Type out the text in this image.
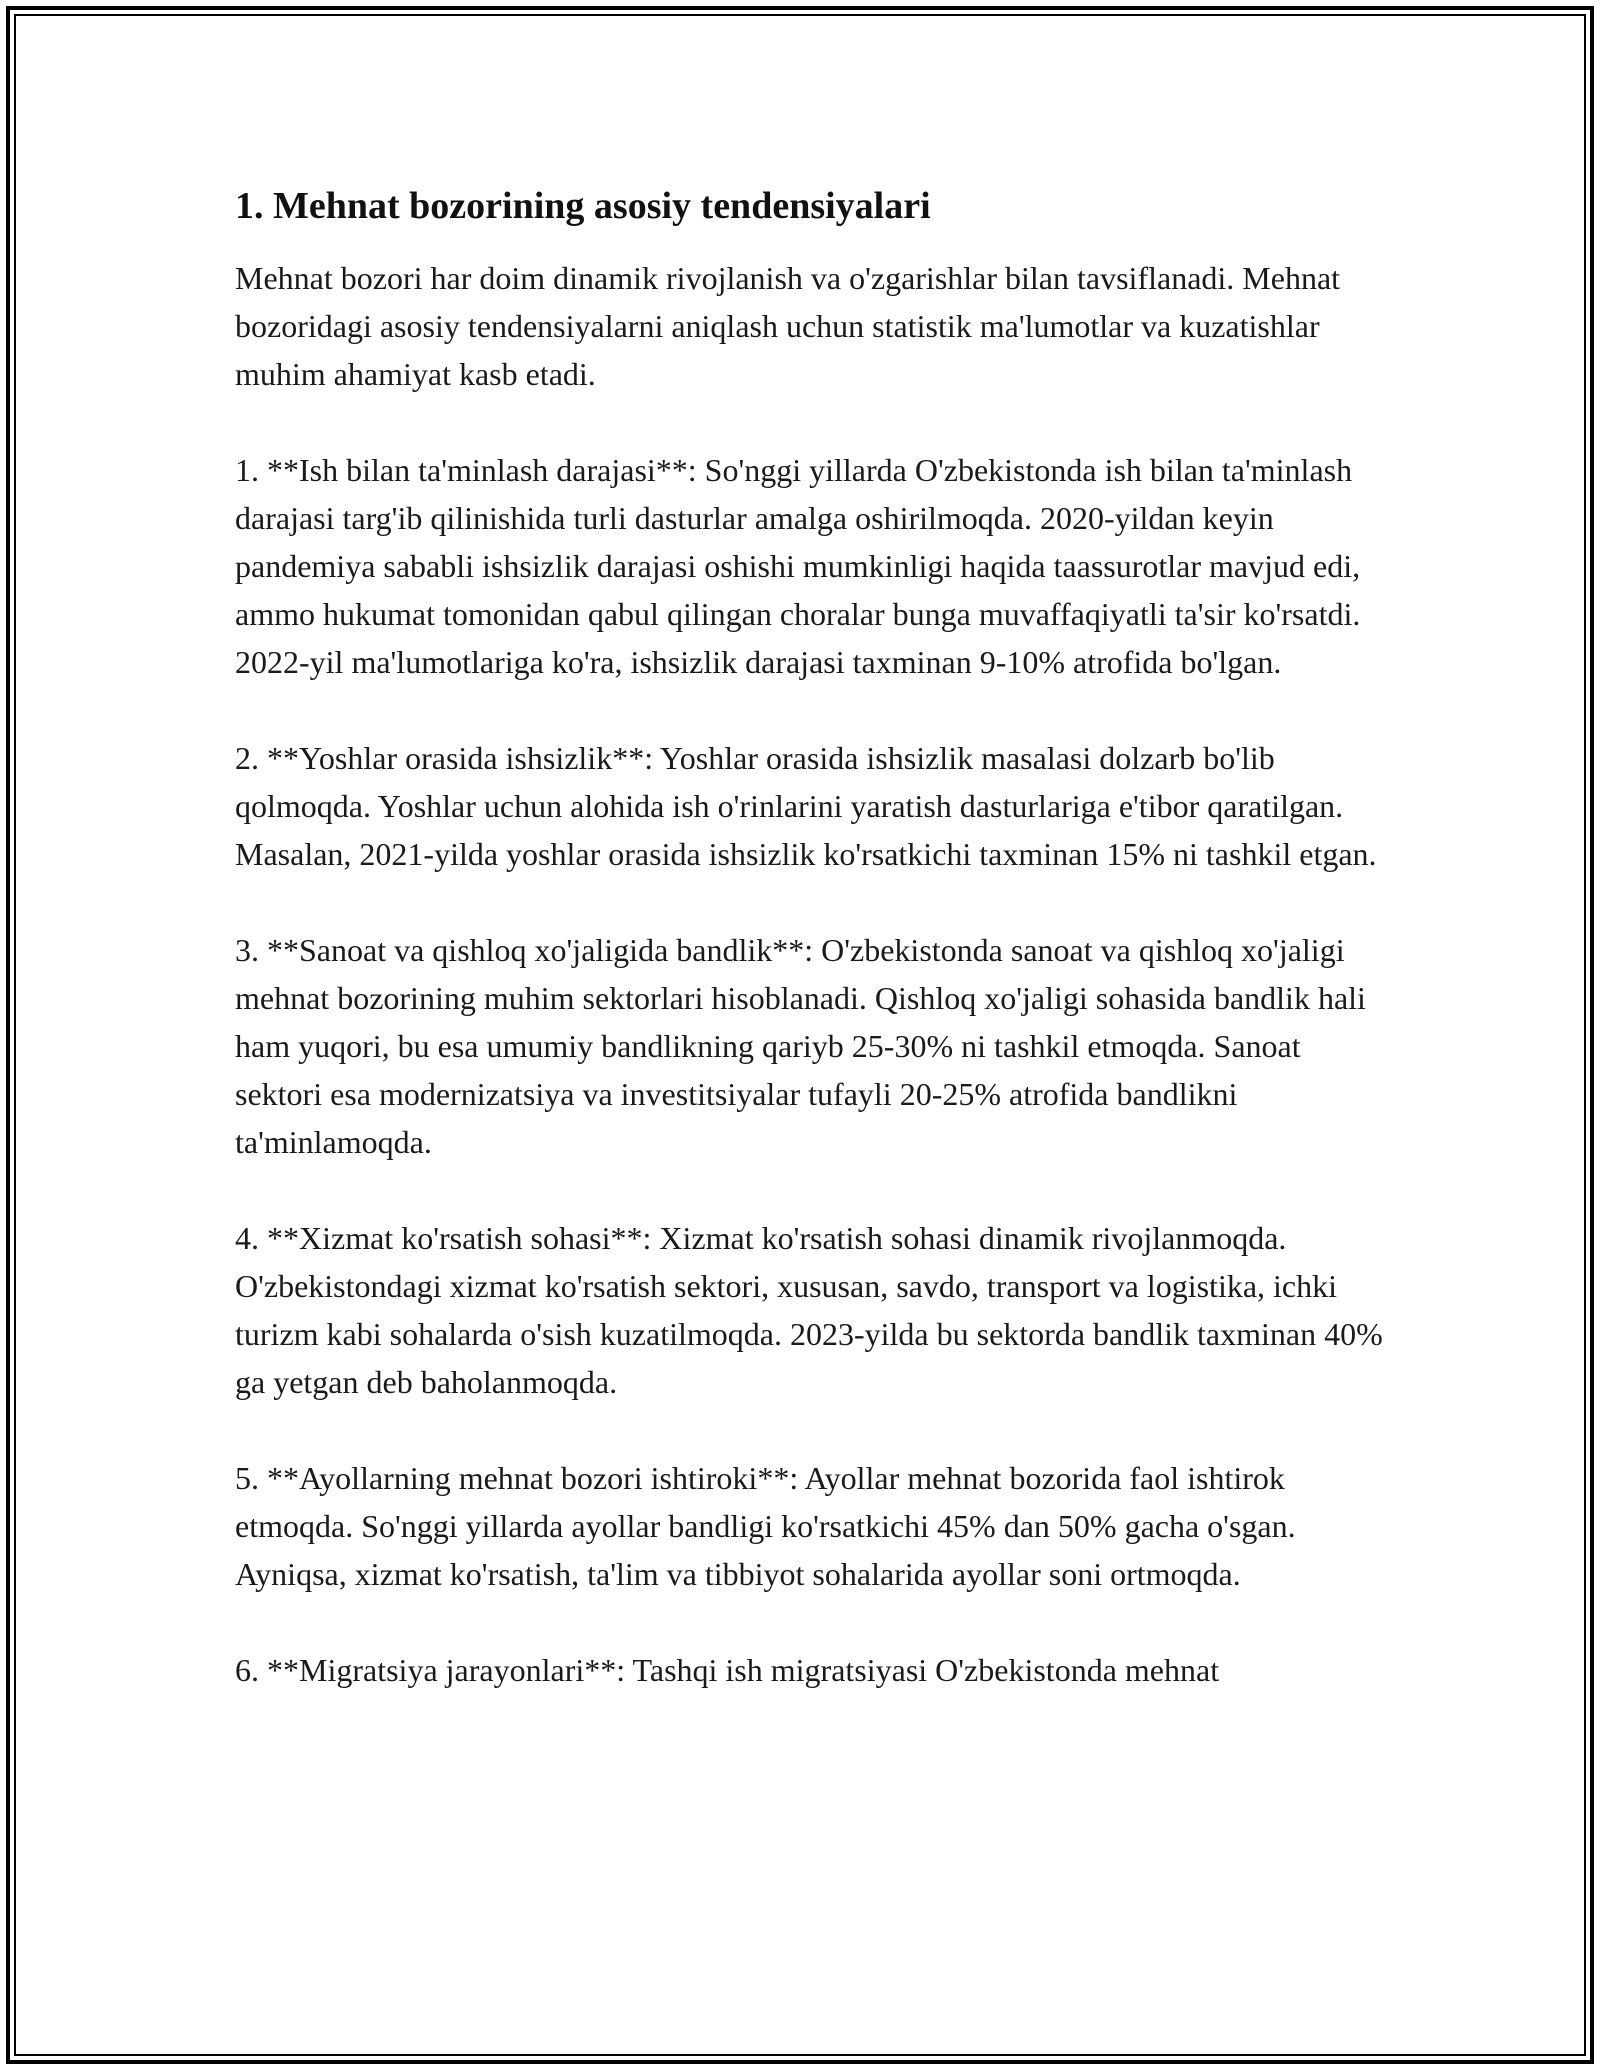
1. Mehnat bozorining asosiy tendensiyalari

Mehnat bozori har doim dinamik rivojlanish va o'zgarishlar bilan tavsiflanadi. Mehnat bozoridagi asosiy tendensiyalarni aniqlash uchun statistik ma'lumotlar va kuzatishlar muhim ahamiyat kasb etadi.

1. **Ish bilan ta'minlash darajasi**: So'nggi yillarda O'zbekistonda ish bilan ta'minlash darajasi targ'ib qilinishida turli dasturlar amalga oshirilmoqda. 2020-yildan keyin pandemiya sababli ishsizlik darajasi oshishi mumkinligi haqida taassurotlar mavjud edi, ammo hukumat tomonidan qabul qilingan choralar bunga muvaffaqiyatli ta'sir ko'rsatdi. 2022-yil ma'lumotlariga ko'ra, ishsizlik darajasi taxminan 9-10% atrofida bo'lgan.

2. **Yoshlar orasida ishsizlik**: Yoshlar orasida ishsizlik masalasi dolzarb bo'lib qolmoqda. Yoshlar uchun alohida ish o'rinlarini yaratish dasturlariga e'tibor qaratilgan. Masalan, 2021-yilda yoshlar orasida ishsizlik ko'rsatkichi taxminan 15% ni tashkil etgan.

3. **Sanoat va qishloq xo'jaligida bandlik**: O'zbekistonda sanoat va qishloq xo'jaligi mehnat bozorining muhim sektorlari hisoblanadi. Qishloq xo'jaligi sohasida bandlik hali ham yuqori, bu esa umumiy bandlikning qariyb 25-30% ni tashkil etmoqda. Sanoat sektori esa modernizatsiya va investitsiyalar tufayli 20-25% atrofida bandlikni ta'minlamoqda.

4. **Xizmat ko'rsatish sohasi**: Xizmat ko'rsatish sohasi dinamik rivojlanmoqda. O'zbekistondagi xizmat ko'rsatish sektori, xususan, savdo, transport va logistika, ichki turizm kabi sohalarda o'sish kuzatilmoqda. 2023-yilda bu sektorda bandlik taxminan 40% ga yetgan deb baholanmoqda.

5. **Ayollarning mehnat bozori ishtiroki**: Ayollar mehnat bozorida faol ishtirok etmoqda. So'nggi yillarda ayollar bandligi ko'rsatkichi 45% dan 50% gacha o'sgan. Ayniqsa, xizmat ko'rsatish, ta'lim va tibbiyot sohalarida ayollar soni ortmoqda.

6. **Migratsiya jarayonlari**: Tashqi ish migratsiyasi O'zbekistonda mehnat
